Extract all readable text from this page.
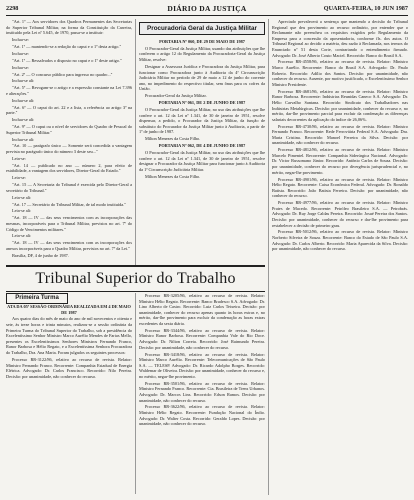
2298	DIÁRIO DA JUSTIÇA	QUARTA-FEIRA, 10 JUN 1987

"Art. 1º — Aos servidores dos Quadros Permanentes das Secretarias do Superior Tribunal Militar, na forma da Constituição da Carreira, instituído pela Lei nº 5.645, de 1970, passa-se a instituir:

Inclua-se:

"Art. 1º — mantendo-se a redação do caput e o 1º desta artigo."

Inclua-se:

"Art. 1º — Ressalvados o disposto no caput e o 1º deste artigo."

Inclua-se:

"Art. 2º — O concurso público para ingresso no quadro..."

Inclua-se ali:

"Art. 5º — Revogam-se o artigo e a expressão constante na Lei 7.396 e alterações."

Inclua-se ali:

"Art. 6º — O caput do art. 22 e a lista, a referência ao artigo 3º na parte."

Inclua-se ali:

"Art. 9º — O caput ou o nível de servidores do Quadro de Pessoal do Superior Tribunal Militar."

Inclua-se ali:

"Art. 10 — parágrafo único — Somente será concedida a vantagem prevista no parágrafo único do número 3 deste seu..."

Leia-se:

"Art. 14 — publicado no ano — número 2, para efeito de estabilidade, a vantagem dos servidores, Diretor-Geral do Estado."

Leia-se:

"Art. 15 — A Secretaria do Tribunal é exercida pelo Diretor-Geral a secretário do Tribunal."

Leia-se ali:

"Art. 17 — Secretário do Tribunal Militar, de tal modo instituída."

Leia-se ali:

"Art. 18 — IV — das seus vencimentos com as incorporações das mesmas, incorporáveis para o Tribunal Militar, previstos no art. 7º do Código de Vencimentos militares."

Leia-se ali:

"Art. 18 — IV — das seus vencimentos com as incorporações dos anexos incorporáveis para o Quadro Militar, previstos no art. 7º da Lei."

Brasília, DF, 4 de junho de 1987.

Procuradoria Geral da Justiça Militar

PORTARIA Nº 060, DE 29 DE MAIO DE 1987

O Procurador-Geral da Justiça Militar, usando das atribuições que lhe conferem o artigo 12 do Regulamento da Procuradoria-Geral da Justiça Militar, resolve:

Designar a Assessora Jurídica e Procuradora da Justiça Militar, para funcionar como Procuradora junto à Auditoria da 4ª Circunscrição Judiciária Militar no período de 29 de maio a 12 de junho do corrente ano, no impedimento do respectivo titular, sem ônus para os cofres da União.

Procurador-Geral da Justiça Militar.

PORTARIA Nº 061, DE 2 DE JUNHO DE 1987

O Procurador-Geral da Justiça Militar, no uso das atribuições que lhe confere o art. 12 da Lei nº 1.341, de 30 de janeiro de 1951, resolve dispensar, a pedido, o Procurador da Justiça Militar, da função de substituto do Procurador da Justiça Militar junto à Auditoria, a partir de 1º de junho de 1987.

Mílton Menezes da Costa Filho.

PORTARIA Nº 062, DE 4 DE JUNHO DE 1987

O Procurador-Geral da Justiça Militar, no uso das atribuições que lhe confere o art. 12 da Lei nº 1.341, de 30 de janeiro de 1951, resolve designar o Procurador da Justiça Militar para funcionar junto à Auditoria da 1ª Circunscrição Judiciária Militar.

Mílton Menezes da Costa Filho.

Apreciado prevalecerá a sentença que mantendo a decisão do Tribunal Regional que deu provimento ao recurso ordinário, por entender que o Reclamante não preencheu os requisitos exigidos pelo Regulamento da Empresa para a concessão da aposentadoria, conforme fls. dos autos. O Tribunal Regional ao decidir a matéria, deu razão à Reclamada, nos termos do Enunciado nº 51 desta Corte, contrariando o entendimento firmado. Advogado: Dr. José Alberto Couto Maciel. Recorrido: Banco do Brasil S.A.

Processo RR-4558/86, relativo ao recurso de revista. Relator: Ministro Marco Aurélio. Recorrente: Banco do Brasil S.A. Advogado: Dr. Paulo Roberto. Recorrido: Adílio dos Santos. Decisão: por unanimidade, não conhecer do recurso. Ausente, por motivo justificado, o Excelentíssimo Senhor Ministro Presidente.

Processo RR-4681/86, relativo ao recurso de revista. Relator: Ministro Ranor Barbosa. Recorrente: Indústrias Reunidas Caneco S.A. Advogado: Dr. Hélio Carvalho Santana. Recorrido: Sindicato dos Trabalhadores nas Indústrias Metalúrgicas. Decisão: por unanimidade, conhecer do recurso e, no mérito, dar-lhe provimento parcial para excluir da condenação as diferenças salariais decorrentes da aplicação do índice de 26,06%.

Processo RR-4730/86, relativo ao recurso de revista. Relator: Ministro Fernando Franco. Recorrente: Rede Ferroviária Federal S.A. Advogada: Dra. Maria Cristina. Recorrido: Manoel Ferreira da Silva. Decisão: por unanimidade, não conhecer do recurso.

Processo RR-4812/86, relativo ao recurso de revista. Relator: Ministro Marcelo Pimentel. Recorrente: Companhia Siderúrgica Nacional. Advogado: Dr. Victor Russomano Júnior. Recorrido: Antônio Carlos de Souza. Decisão: por unanimidade, conhecer do recurso por divergência jurisprudencial e, no mérito, negar-lhe provimento.

Processo RR-4901/86, relativo ao recurso de revista. Relator: Ministro Hélio Regato. Recorrente: Caixa Econômica Federal. Advogado: Dr. Ronaldo Batista. Recorrido: João Batista Ferreira. Decisão: por unanimidade, não conhecer do recurso.

Processo RR-4977/86, relativo ao recurso de revista. Relator: Ministro Prates de Macedo. Recorrente: Petróleo Brasileiro S.A. — Petrobrás. Advogado: Dr. Ruy Jorge Caldas Pereira. Recorrido: Josué Pereira dos Santos. Decisão: por unanimidade, conhecer do recurso e dar-lhe provimento para restabelecer a decisão de primeiro grau.

Processo RR-5012/86, relativo ao recurso de revista. Relator: Ministro Norberto Silveira de Souza. Recorrente: Banco do Estado de São Paulo S.A. Advogado: Dr. Carlos Alberto. Recorrido: Maria Aparecida da Silva. Decisão: por unanimidade, não conhecer do recurso.

Tribunal Superior do Trabalho
Primeira Turma

ATA DA 05ª SESSÃO ORDINÁRIA REALIZADA EM 4 DE MAIO DE 1987

Aos quatro dias do mês de maio do ano de mil novecentos e oitenta e sete, às treze horas e trinta minutos, realizou-se a sessão ordinária da Primeira Turma do Tribunal Superior do Trabalho, sob a presidência do Excelentíssimo Senhor Ministro Marco Aurélio Mendes de Farias Mello, presentes os Excelentíssimos Senhores Ministros Fernando Franco, Ranor Barbosa e Hélio Regato, e a Excelentíssima Senhora Procuradora do Trabalho, Dra. Ana Maria. Foram julgados os seguintes processos:

Processo RR-3122/86, relativo ao recurso de revista. Relator: Ministro Fernando Franco. Recorrente: Companhia Estadual de Energia Elétrica. Advogado: Dr. Carlos Francisco. Recorrido: Nilo Pereira. Decisão: por unanimidade, não conhecer do recurso.

Processo RR-3205/86, relativo ao recurso de revista. Relator: Ministro Hélio Regato. Recorrente: Banco Bradesco S.A. Advogado: Dr. Lino Alberto de Castro. Recorrido: Luiz Carlos Teixeira. Decisão: por unanimidade, conhecer do recurso apenas quanto às horas extras e, no mérito, dar-lhe provimento para excluir da condenação as horas extras excedentes da sexta diária.

Processo RR-3344/86, relativo ao recurso de revista. Relator: Ministro Ranor Barbosa. Recorrente: Companhia Vale do Rio Doce. Advogado: Dr. Nilton Correia. Recorrido: José Raimundo Pereira. Decisão: por unanimidade, não conhecer do recurso.

Processo RR-3418/86, relativo ao recurso de revista. Relator: Ministro Marco Aurélio. Recorrente: Telecomunicações de São Paulo S.A. — TELESP. Advogado: Dr. Ricardo Adolpho Borges. Recorrido: Waldemar de Oliveira. Decisão: por unanimidade, conhecer do recurso e, no mérito, negar-lhe provimento.

Processo RR-3501/86, relativo ao recurso de revista. Relator: Ministro Fernando Franco. Recorrente: Cia. Brasileira de Trens Urbanos. Advogado: Dr. Marcos Lins. Recorrido: Edson Ramos. Decisão: por unanimidade, não conhecer do recurso.

Processo RR-3622/86, relativo ao recurso de revista. Relator: Ministro Hélio Regato. Recorrente: Fundação Nacional do Índio. Advogado: Dr. Walter Costa. Recorrido: Geraldo Lopes. Decisão: por unanimidade, não conhecer do recurso.
